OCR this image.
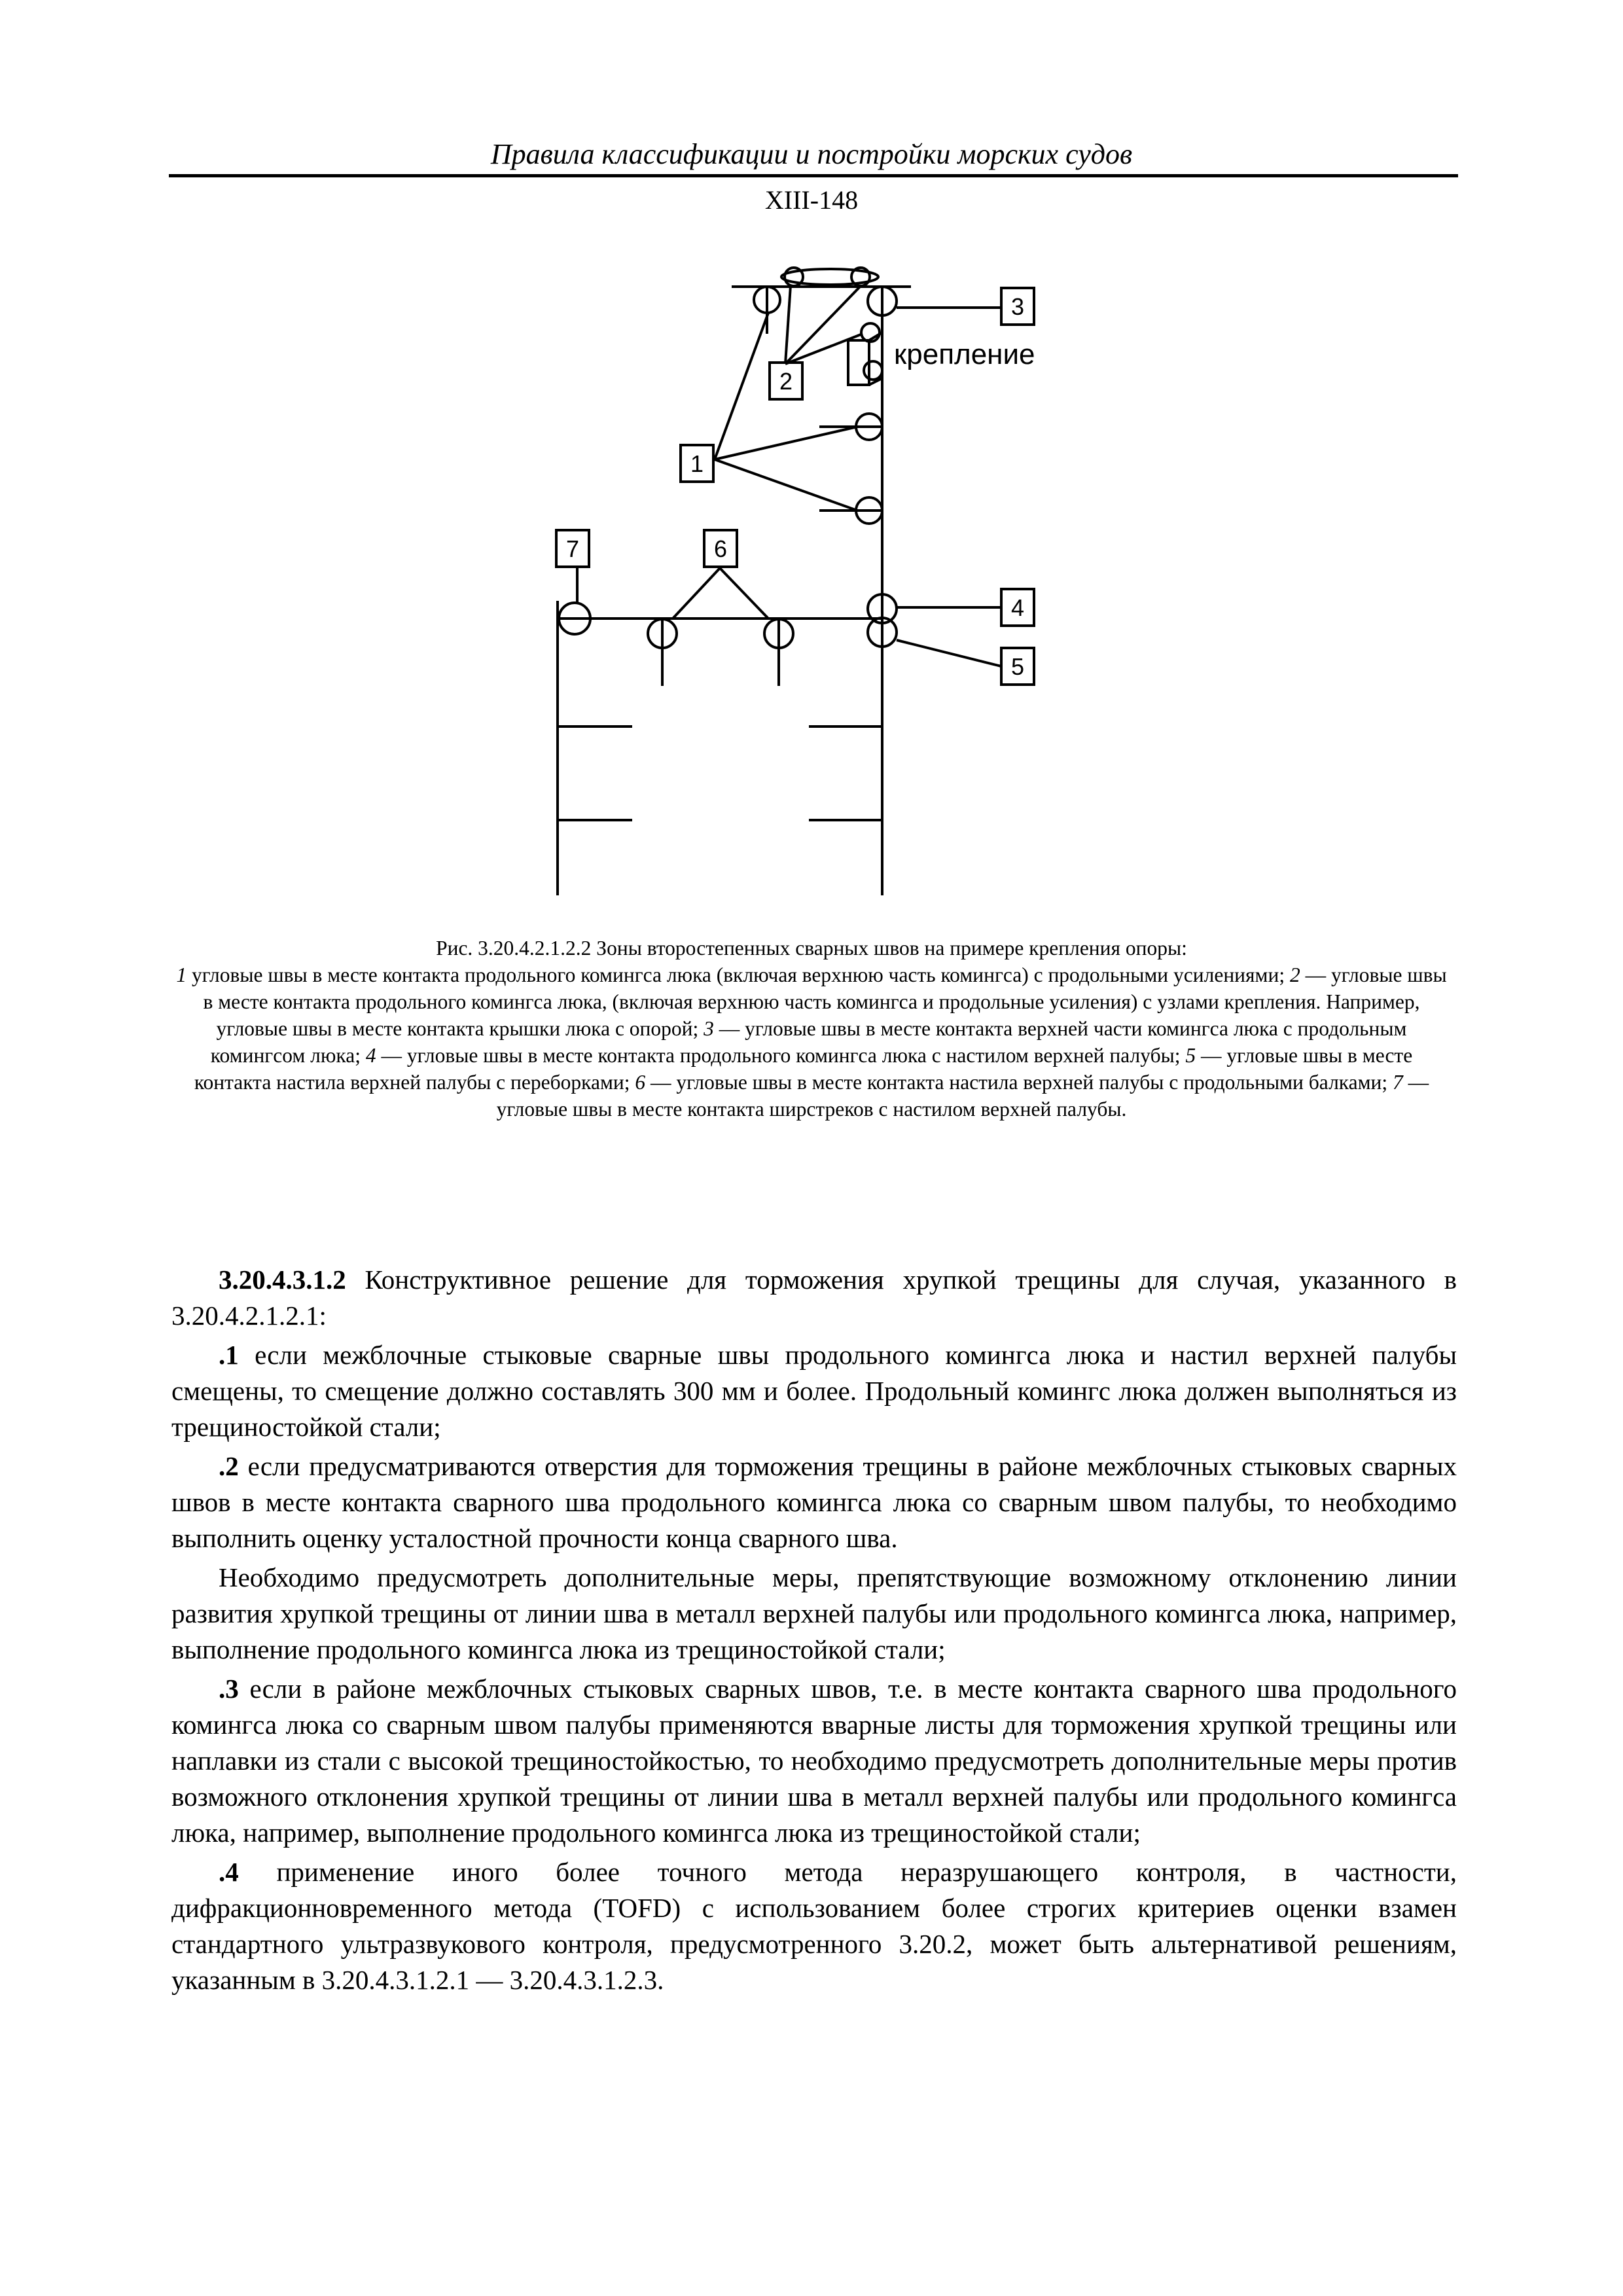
Правила классификации и постройки морских судов
XIII-148
3
2
1
7	6
4
5
крепление

Рис. 3.20.4.2.1.2.2 Зоны второстепенных сварных швов на примере крепления опоры:

1 угловые швы в месте контакта продольного комингса люка (включая верхнюю часть комингса) с продольными усилениями; 2 — угловые швы в месте контакта продольного комингса люка, (включая верхнюю часть комингса и продольные усиления) с узлами крепления. Например, угловые швы в месте контакта крышки люка с опорой; 3 — угловые швы в месте контакта верхней части комингса люка с продольным комингсом люка; 4 — угловые швы в месте контакта продольного комингса люка с настилом верхней палубы; 5 — угловые швы в месте контакта настила верхней палубы с переборками; 6 — угловые швы в месте контакта настила верхней палубы с продольными балками; 7 — угловые швы в месте контакта ширстреков с настилом верхней палубы.

3.20.4.3.1.2 Конструктивное решение для торможения хрупкой трещины для случая, указанного в 3.20.4.2.1.2.1:

.1 если межблочные стыковые сварные швы продольного комингса люка и настил верхней палубы смещены, то смещение должно составлять 300 мм и более. Продольный комингс люка должен выполняться из трещиностойкой стали;

.2 если предусматриваются отверстия для торможения трещины в районе межблочных стыковых сварных швов в месте контакта сварного шва продольного комингса люка со сварным швом палубы, то необходимо выполнить оценку усталостной прочности конца сварного шва.

Необходимо предусмотреть дополнительные меры, препятствующие возможному отклонению линии развития хрупкой трещины от линии шва в металл верхней палубы или продольного комингса люка, например, выполнение продольного комингса люка из трещиностойкой стали;

.3 если в районе межблочных стыковых сварных швов, т.е. в месте контакта сварного шва продольного комингса люка со сварным швом палубы применяются вварные листы для торможения хрупкой трещины или наплавки из стали с высокой трещиностойкостью, то необходимо предусмотреть дополнительные меры против возможного отклонения хрупкой трещины от линии шва в металл верхней палубы или продольного комингса люка, например, выполнение продольного комингса люка из трещиностойкой стали;

.4 применение иного более точного метода неразрушающего контроля, в частности, дифракционновременного метода (TOFD) с использованием более строгих критериев оценки взамен стандартного ультразвукового контроля, предусмотренного 3.20.2, может быть альтернативой решениям, указанным в 3.20.4.3.1.2.1 — 3.20.4.3.1.2.3.
